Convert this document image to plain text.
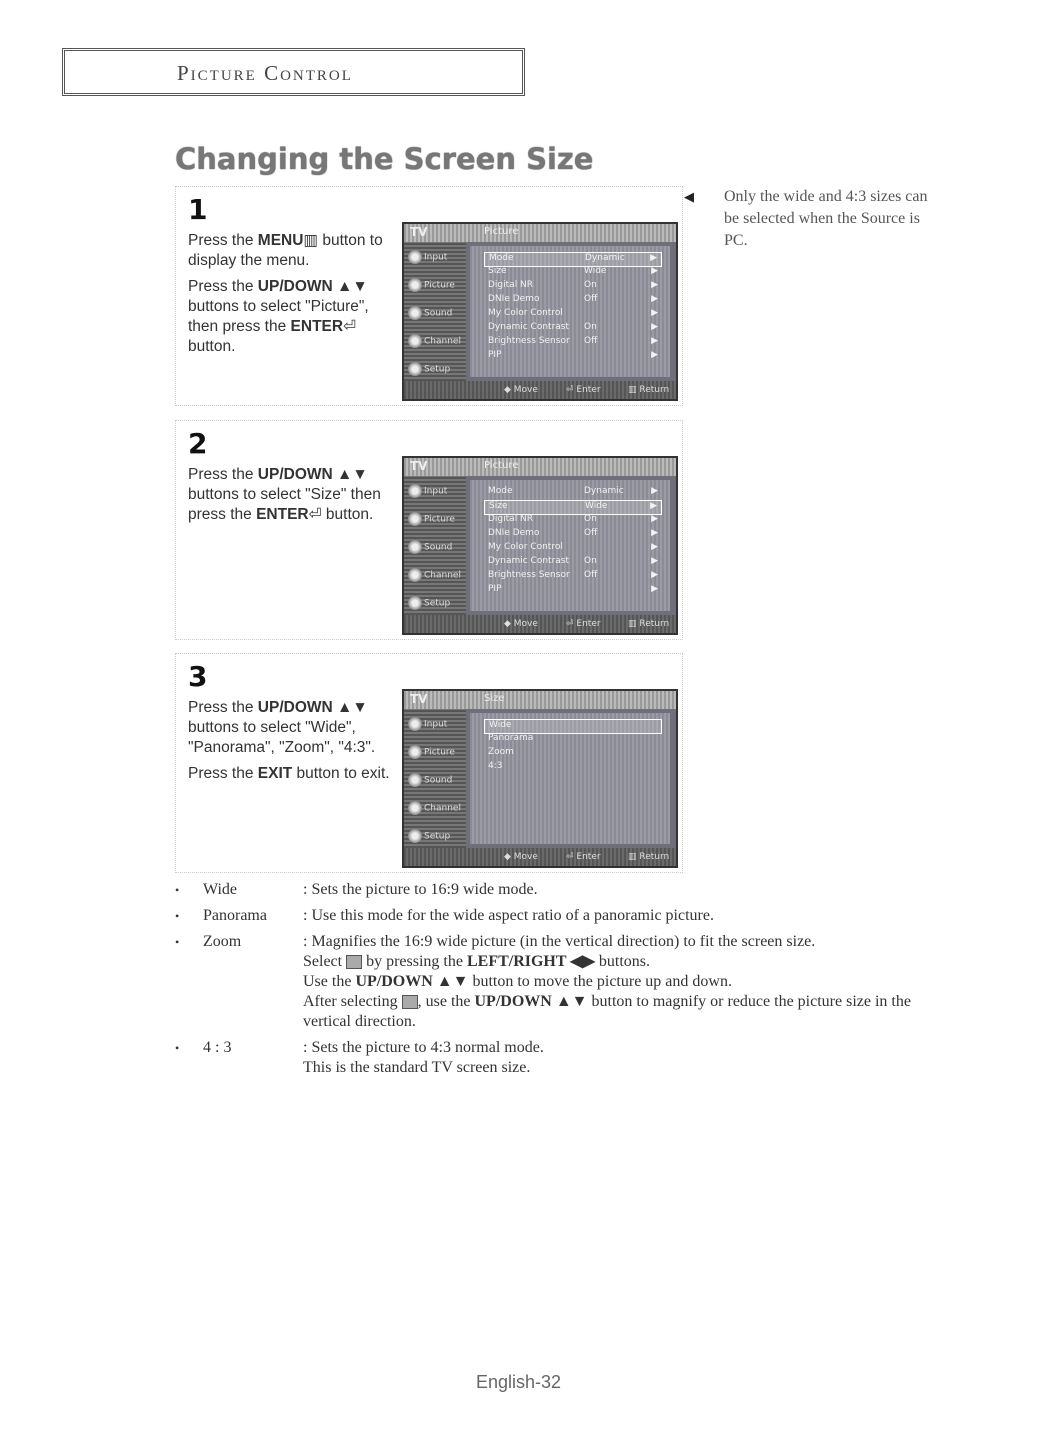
Picture Control
Changing the Screen Size
◀	Only the wide and 4:3 sizes can be selected when the Source is PC.
1

Press the MENU▥ button to display the menu.

Press the UP/DOWN ▲▼ buttons to select "Picture", then press the ENTER⏎ button.

TV	Picture
Input
Picture
Sound
Channel
Setup
Mode	Dynamic	▶
Size	Wide	▶
Digital NR	On	▶
DNIe Demo	Off	▶
My Color Control	▶
Dynamic Contrast On	▶
Brightness Sensor Off	▶
PIP	▶
◆ Move	⏎ Enter	▥ Return
2

Press the UP/DOWN ▲▼ buttons to select "Size" then press the ENTER⏎ button.

TV	Picture
Input
Picture
Sound
Channel
Setup
Mode	Dynamic	▶
Size	Wide	▶
Digital NR	On	▶
DNIe Demo	Off	▶
My Color Control	▶
Dynamic Contrast On	▶
Brightness Sensor Off	▶
PIP	▶
◆ Move	⏎ Enter	▥ Return
3

Press the UP/DOWN ▲▼ buttons to select "Wide", "Panorama", "Zoom", "4:3".

Press the EXIT button to exit.

TV	Size
Input
Picture
Sound
Channel
Setup
Wide
Panorama
Zoom
4:3
◆ Move	⏎ Enter	▥ Return
• Wide	: Sets the picture to 16:9 wide mode.

• Panorama	: Use this mode for the wide aspect ratio of a panoramic picture.

• Zoom	: Magnifies the 16:9 wide picture (in the vertical direction) to fit the screen size.

Select  by pressing the LEFT/RIGHT ◀▶ buttons.

Use the UP/DOWN ▲▼ button to move the picture up and down.

After selecting , use the UP/DOWN ▲▼ button to magnify or reduce the picture size in the vertical direction.

• 4 : 3	: Sets the picture to 4:3 normal mode.

This is the standard TV screen size.

English-32
